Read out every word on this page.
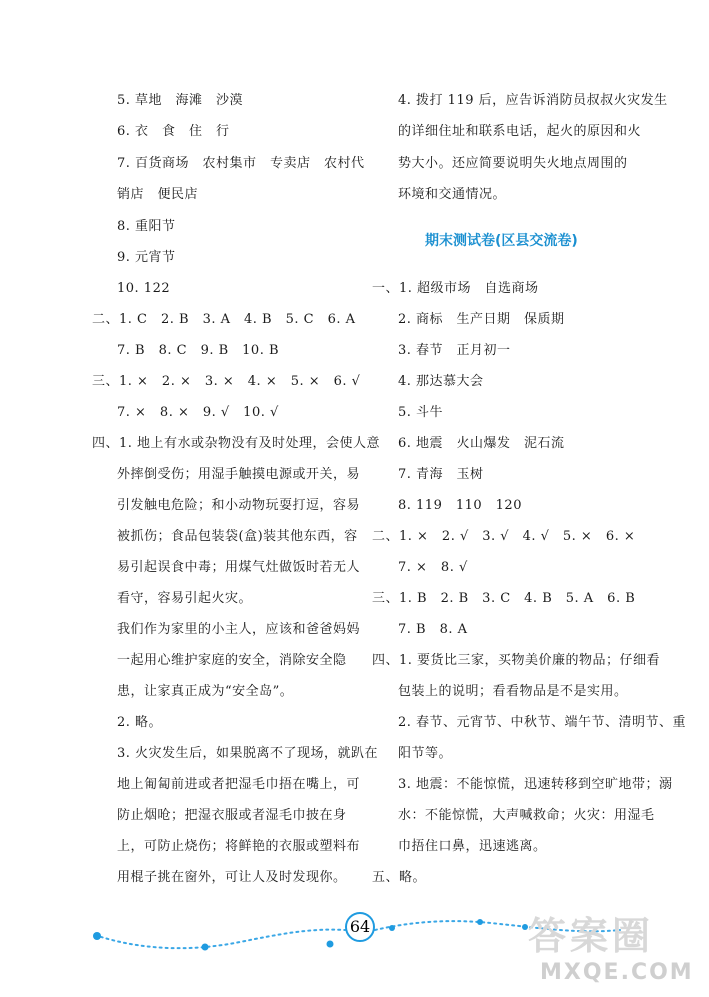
5. 草地　海滩　沙漠
6. 衣　食　住　行
7. 百货商场　农村集市　专卖店　农村代
销店　便民店
8. 重阳节
9. 元宵节
10. 122
二、1. C　2. B　3. A　4. B　5. C　6. A
7. B　8. C　9. B　10. B
三、1. ×　2. ×　3. ×　4. ×　5. ×　6. √
7. ×　8. ×　9. √　10. √
四、1. 地上有水或杂物没有及时处理，会使人意
外摔倒受伤；用湿手触摸电源或开关，易
引发触电危险；和小动物玩耍打逗，容易
被抓伤；食品包装袋(盒)装其他东西，容
易引起误食中毒；用煤气灶做饭时若无人
看守，容易引起火灾。
我们作为家里的小主人，应该和爸爸妈妈
一起用心维护家庭的安全，消除安全隐
患，让家真正成为“安全岛”。
2. 略。
3. 火灾发生后，如果脱离不了现场，就趴在
地上匍匐前进或者把湿毛巾捂在嘴上，可
防止烟呛；把湿衣服或者湿毛巾披在身
上，可防止烧伤；将鲜艳的衣服或塑料布
用棍子挑在窗外，可让人及时发现你。
4. 拨打 119 后，应告诉消防员叔叔火灾发生
的详细住址和联系电话，起火的原因和火
势大小。还应简要说明失火地点周围的
环境和交通情况。
期末测试卷(区县交流卷)
一、1. 超级市场　自选商场
2. 商标　生产日期　保质期
3. 春节　正月初一
4. 那达慕大会
5. 斗牛
6. 地震　火山爆发　泥石流
7. 青海　玉树
8. 119　110　120
二、1. ×　2. √　3. √　4. √　5. ×　6. ×
7. ×　8. √
三、1. B　2. B　3. C　4. B　5. A　6. B
7. B　8. A
四、1. 要货比三家，买物美价廉的物品；仔细看
包装上的说明；看看物品是不是实用。
2. 春节、元宵节、中秋节、端午节、清明节、重
阳节等。
3. 地震：不能惊慌，迅速转移到空旷地带；溺
水：不能惊慌，大声喊救命；火灾：用湿毛
巾捂住口鼻，迅速逃离。
五、略。
64	答案圈
MXQE.COM
